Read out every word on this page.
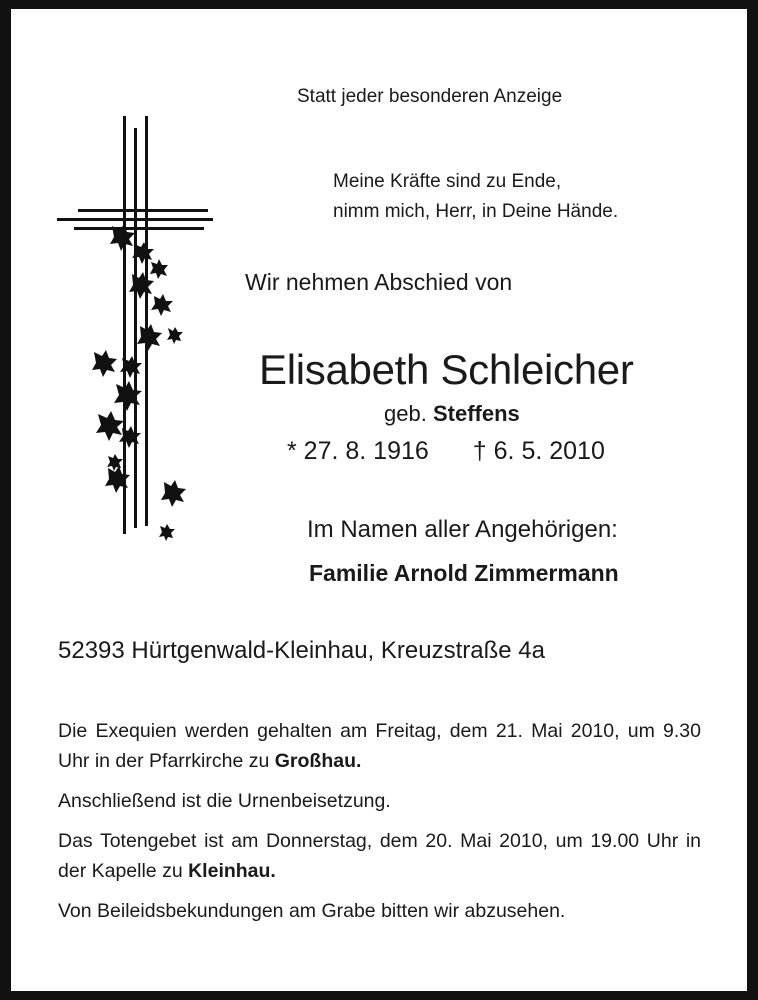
Statt jeder besonderen Anzeige
Meine Kräfte sind zu Ende,
nimm mich, Herr, in Deine Hände.
Wir nehmen Abschied von
Elisabeth Schleicher
geb. Steffens
* 27. 8. 1916 † 6. 5. 2010
Im Namen aller Angehörigen:
Familie Arnold Zimmermann
52393 Hürtgenwald-Kleinhau, Kreuzstraße 4a
Die Exequien werden gehalten am Freitag, dem 21. Mai 2010, um 9.30 Uhr in der Pfarrkirche zu Großhau.
Anschließend ist die Urnenbeisetzung.
Das Totengebet ist am Donnerstag, dem 20. Mai 2010, um 19.00 Uhr in der Kapelle zu Kleinhau.
Von Beileidsbekundungen am Grabe bitten wir abzusehen.
